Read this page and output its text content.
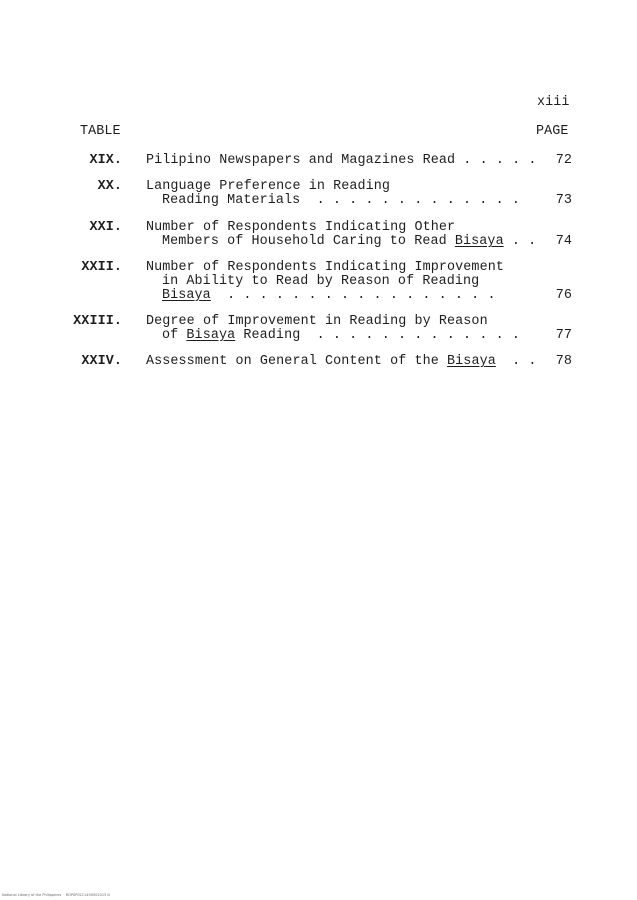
xiii
TABLE	PAGE
XIX. Pilipino Newspapers and Magazines Read . . . . .	72
XX. Language Preference in Reading
Reading Materials  . . . . . . . . . . . . .	73
XXI. Number of Respondents Indicating Other
Members of Household Caring to Read Bisaya . .	74
XXII. Number of Respondents Indicating Improvement
in Ability to Read by Reason of Reading
Bisaya  . . . . . . . . . . . . . . . . .	76
XXIII. Degree of Improvement in Reading by Reason
of Bisaya Reading  . . . . . . . . . . . . .	77
XXIV. Assessment on General Content of the Bisaya  . .	78
National Library of the Philippines    ROP0P0211490502013 iii
